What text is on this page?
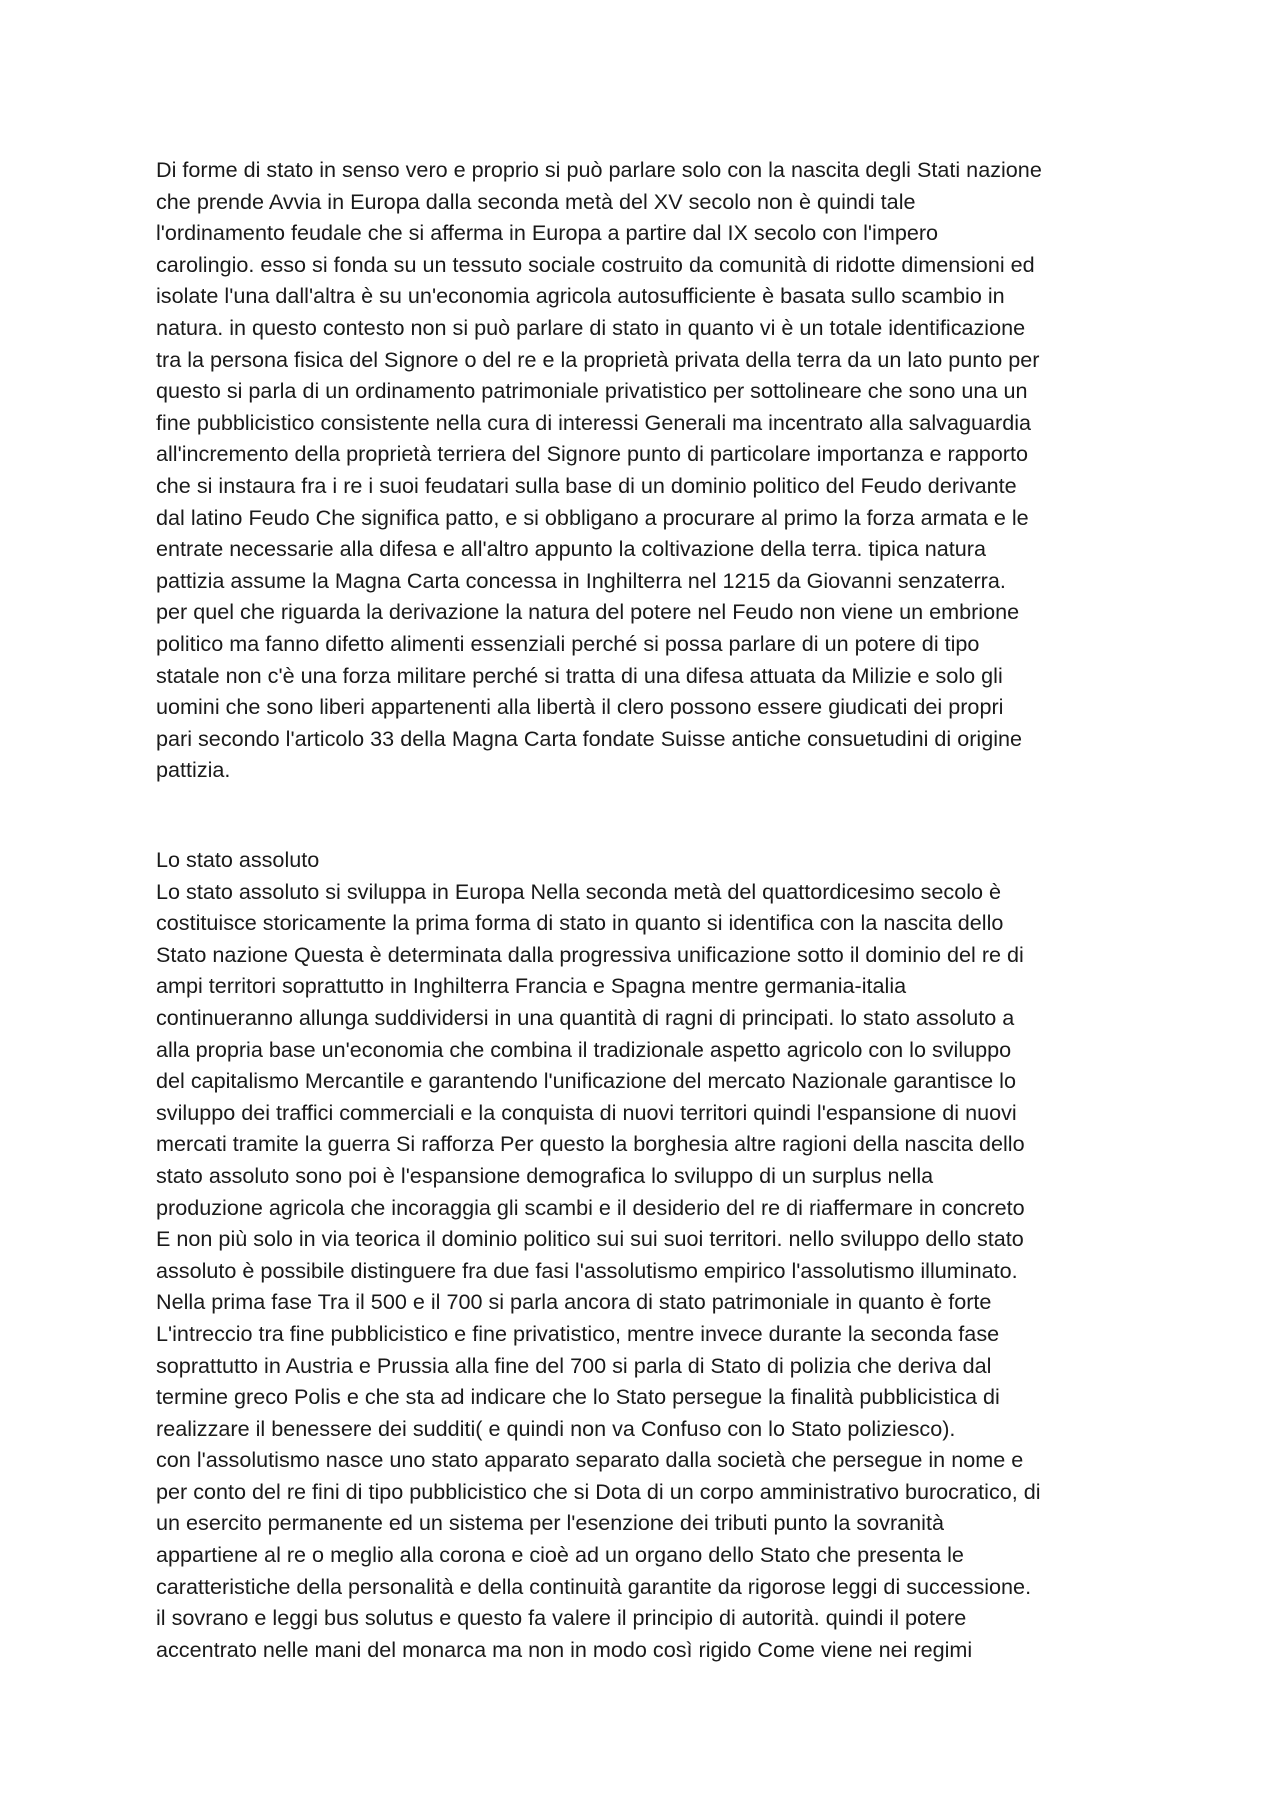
Di forme di stato in senso vero e proprio si può parlare solo con la nascita degli Stati nazione
che prende Avvia in Europa dalla seconda metà del XV secolo non è quindi tale
l'ordinamento feudale che si afferma in Europa a partire dal IX secolo con l'impero
carolingio. esso si fonda su un tessuto sociale costruito da comunità di ridotte dimensioni ed
isolate l'una dall'altra è su un'economia agricola autosufficiente è basata sullo scambio in
natura. in questo contesto non si può parlare di stato in quanto vi è un totale identificazione
tra la persona fisica del Signore o del re e la proprietà privata della terra da un lato punto per
questo si parla di un ordinamento patrimoniale privatistico per sottolineare che sono una un
fine pubblicistico consistente nella cura di interessi Generali ma incentrato alla salvaguardia
all'incremento della proprietà terriera del Signore punto di particolare importanza e rapporto
che si instaura fra i re i suoi feudatari sulla base di un dominio politico del Feudo derivante
dal latino Feudo Che significa patto, e si obbligano a procurare al primo la forza armata e le
entrate necessarie alla difesa e all'altro appunto la coltivazione della terra. tipica natura
pattizia assume la Magna Carta concessa in Inghilterra nel 1215 da Giovanni senzaterra.
per quel che riguarda la derivazione la natura del potere nel Feudo non viene un embrione
politico ma fanno difetto alimenti essenziali perché si possa parlare di un potere di tipo
statale non c'è una forza militare perché si tratta di una difesa attuata da Milizie e solo gli
uomini che sono liberi appartenenti alla libertà il clero possono essere giudicati dei propri
pari secondo l'articolo 33 della Magna Carta fondate Suisse antiche consuetudini di origine
pattizia.
Lo stato assoluto
Lo stato assoluto si sviluppa in Europa Nella seconda metà del quattordicesimo secolo è
costituisce storicamente la prima forma di stato in quanto si identifica con la nascita dello
Stato nazione Questa è determinata dalla progressiva unificazione sotto il dominio del re di
ampi territori soprattutto in Inghilterra Francia e Spagna mentre germania-italia
continueranno allunga suddividersi in una quantità di ragni di principati. lo stato assoluto a
alla propria base un'economia che combina il tradizionale aspetto agricolo con lo sviluppo
del capitalismo Mercantile e garantendo l'unificazione del mercato Nazionale garantisce lo
sviluppo dei traffici commerciali e la conquista di nuovi territori quindi l'espansione di nuovi
mercati tramite la guerra Si rafforza Per questo la borghesia altre ragioni della nascita dello
stato assoluto sono poi è l'espansione demografica lo sviluppo di un surplus nella
produzione agricola che incoraggia gli scambi e il desiderio del re di riaffermare in concreto
E non più solo in via teorica il dominio politico sui sui suoi territori. nello sviluppo dello stato
assoluto è possibile distinguere fra due fasi l'assolutismo empirico l'assolutismo illuminato.
Nella prima fase Tra il 500 e il 700 si parla ancora di stato patrimoniale in quanto è forte
L'intreccio tra fine pubblicistico e fine privatistico, mentre invece durante la seconda fase
soprattutto in Austria e Prussia alla fine del 700 si parla di Stato di polizia che deriva dal
termine greco Polis e che sta ad indicare che lo Stato persegue la finalità pubblicistica di
realizzare il benessere dei sudditi( e quindi non va Confuso con lo Stato poliziesco).
con l'assolutismo nasce uno stato apparato separato dalla società che persegue in nome e
per conto del re fini di tipo pubblicistico che si Dota di un corpo amministrativo burocratico, di
un esercito permanente ed un sistema per l'esenzione dei tributi punto la sovranità
appartiene al re o meglio alla corona e cioè ad un organo dello Stato che presenta le
caratteristiche della personalità e della continuità garantite da rigorose leggi di successione.
il sovrano e leggi bus solutus e questo fa valere il principio di autorità. quindi il potere
accentrato nelle mani del monarca ma non in modo così rigido Come viene nei regimi
